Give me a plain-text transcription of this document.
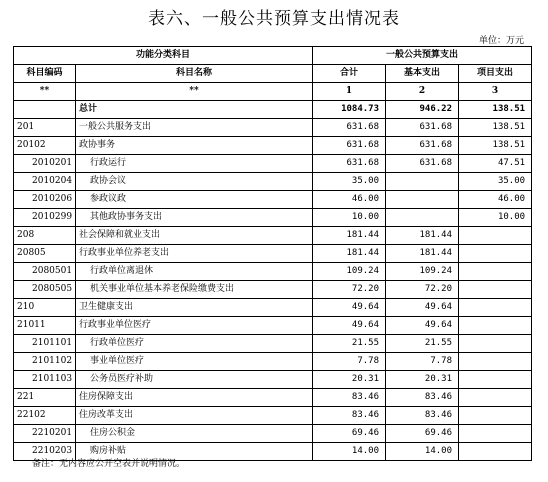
表六、一般公共预算支出情况表
单位：万元
功能分类科目		一般公共预算支出		
科目编码	科目名称	合计	基本支出	项目支出
**	**	1	2	3
	总计	1084.73	946.22	138.51
201	一般公共服务支出	631.68	631.68	138.51
20102	政协事务	631.68	631.68	138.51
2010201	行政运行	631.68	631.68	47.51
2010204	政协会议	35.00		35.00
2010206	参政议政	46.00		46.00
2010299	其他政协事务支出	10.00		10.00
208	社会保障和就业支出	181.44	181.44	
20805	行政事业单位养老支出	181.44	181.44	
2080501	行政单位离退休	109.24	109.24	
2080505	机关事业单位基本养老保险缴费支出	72.20	72.20	
210	卫生健康支出	49.64	49.64	
21011	行政事业单位医疗	49.64	49.64	
2101101	行政单位医疗	21.55	21.55	
2101102	事业单位医疗	7.78	7.78	
2101103	公务员医疗补助	20.31	20.31	
221	住房保障支出	83.46	83.46	
22102	住房改革支出	83.46	83.46	
2210201	住房公积金	69.46	69.46	
2210203	购房补贴	14.00	14.00	
备注：无内容应公开空表并说明情况。
